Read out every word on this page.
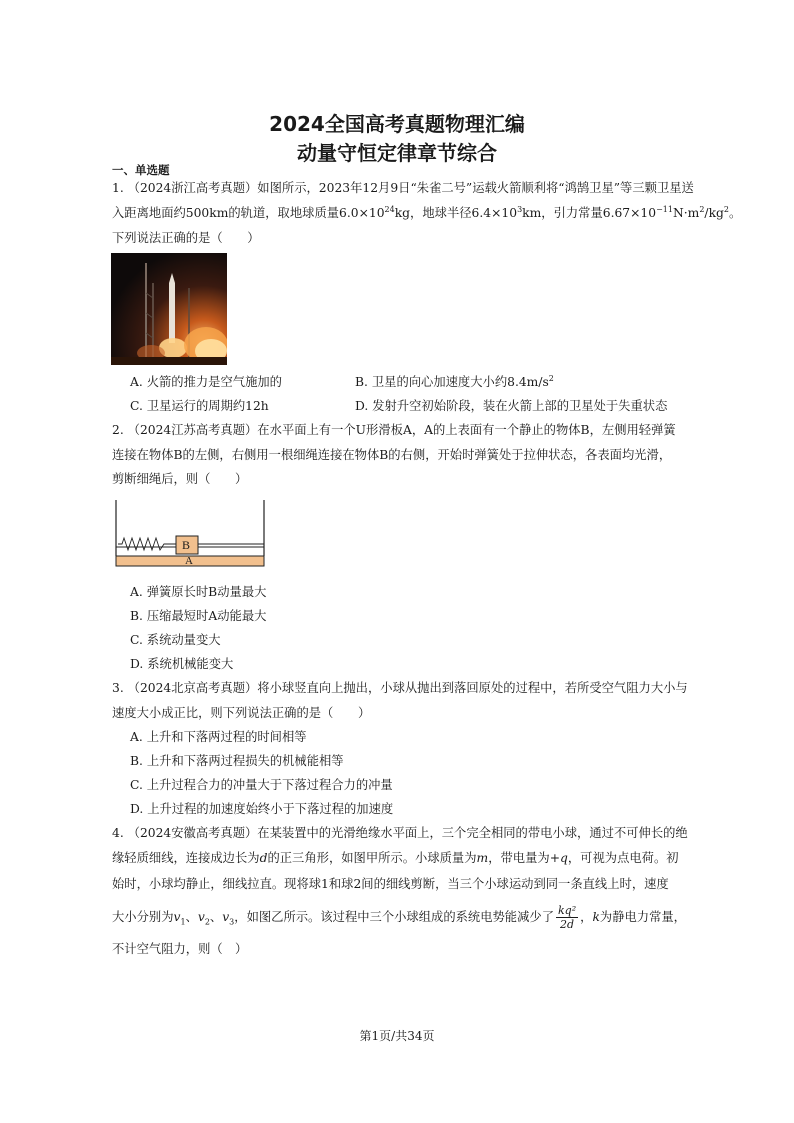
2024全国高考真题物理汇编
动量守恒定律章节综合
一、单选题
1. （2024浙江高考真题）如图所示，2023年12月9日“朱雀二号”运载火箭顺利将“鸿鹄卫星”等三颗卫星送
入距离地面约500km的轨道，取地球质量$6.0\times 10^{24}kg$，地球半径$6.4\times 10^3km$，引力常量$6.67\times 10^{-11}N\cdot m^2/kg^2$。
下列说法正确的是（　　）
A. 火箭的推力是空气施加的	B. 卫星的向心加速度大小约$8.4m/s^2$
C. 卫星运行的周期约12h	D. 发射升空初始阶段，装在火箭上部的卫星处于失重状态
2. （2024江苏高考真题）在水平面上有一个U形滑板A，A的上表面有一个静止的物体B，左侧用轻弹簧
连接在物体B的左侧，右侧用一根细绳连接在物体B的右侧，开始时弹簧处于拉伸状态，各表面均光滑，
剪断细绳后，则（　　）
B
A
A. 弹簧原长时B动量最大
B. 压缩最短时A动能最大
C. 系统动量变大
D. 系统机械能变大
3. （2024北京高考真题）将小球竖直向上抛出，小球从抛出到落回原处的过程中，若所受空气阻力大小与
速度大小成正比，则下列说法正确的是（　　）
A. 上升和下落两过程的时间相等
B. 上升和下落两过程损失的机械能相等
C. 上升过程合力的冲量大于下落过程合力的冲量
D. 上升过程的加速度始终小于下落过程的加速度
4. （2024安徽高考真题）在某装置中的光滑绝缘水平面上，三个完全相同的带电小球，通过不可伸长的绝
缘轻质细线，连接成边长为d的正三角形，如图甲所示。小球质量为m，带电量为+q，可视为点电荷。初
始时，小球均静止，细线拉直。现将球1和球2间的细线剪断，当三个小球运动到同一条直线上时，速度
大小分别为$v_1$、$v_2$、$v_3$，如图乙所示。该过程中三个小球组成的系统电势能减少了 $\frac{\text{kq²}}{2d}$ ，k为静电力常量，
不计空气阻力，则（　）
第1页/共34页
